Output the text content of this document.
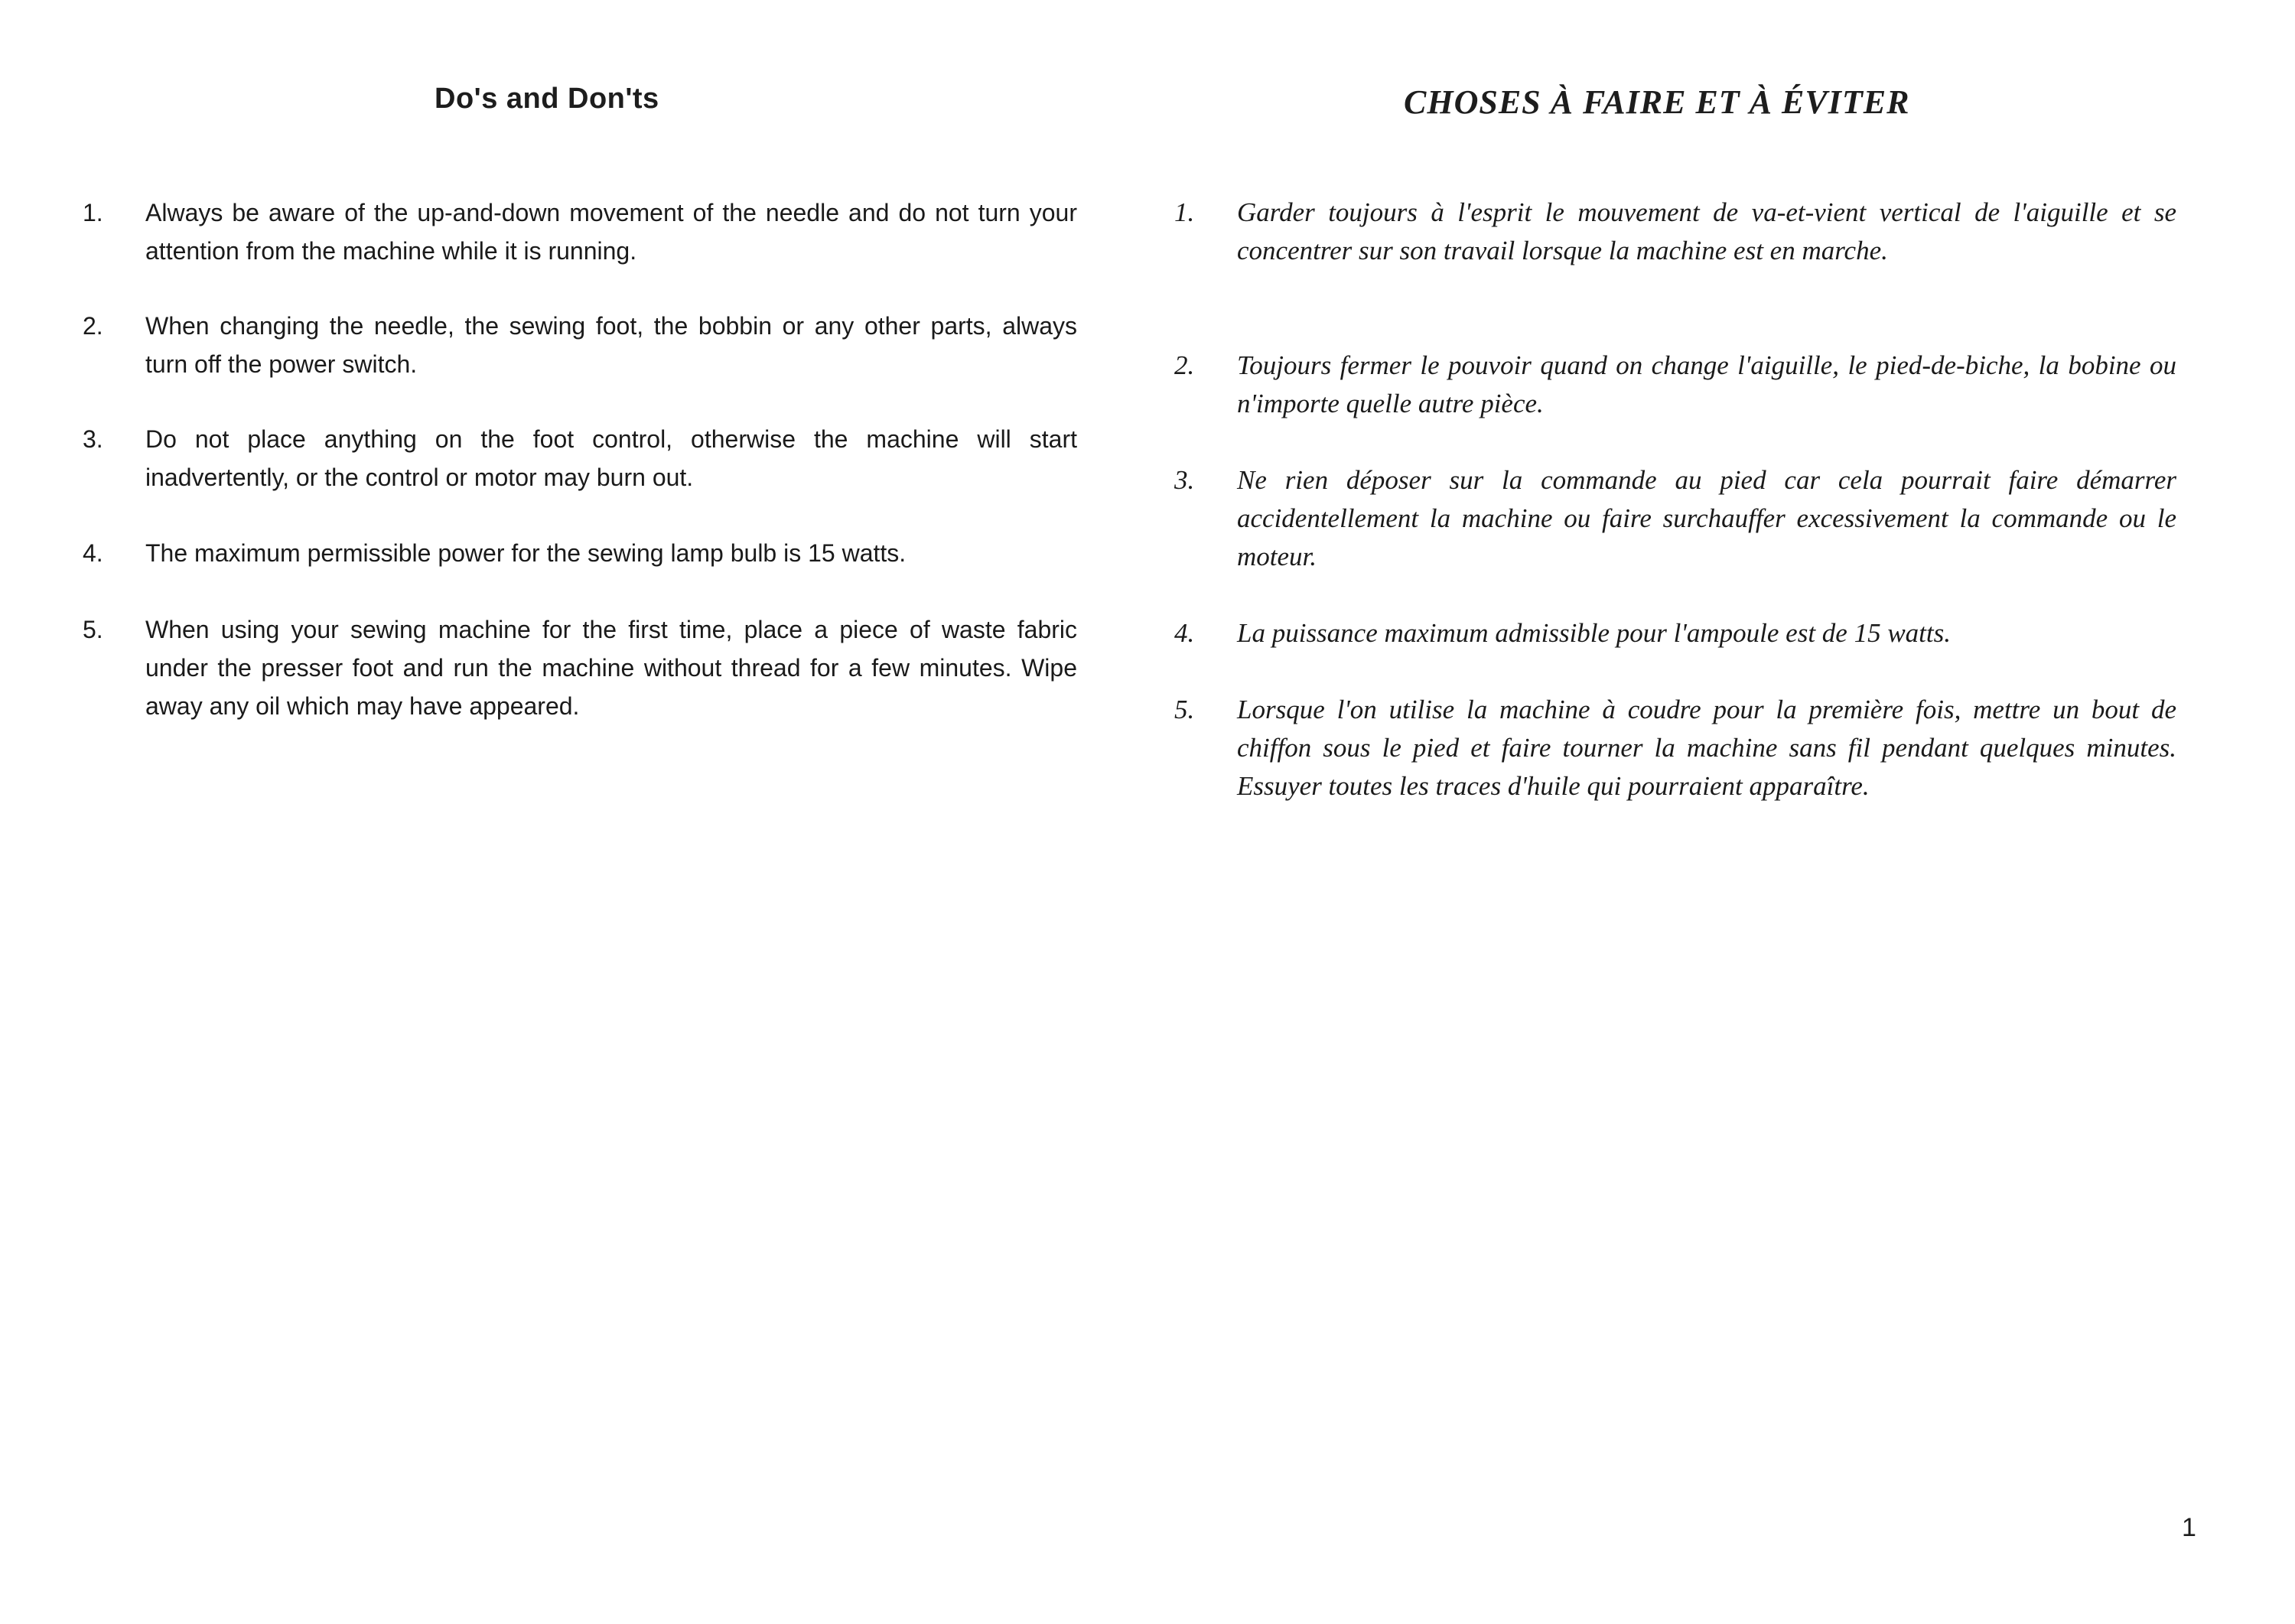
Do's and Don'ts
1.	Always be aware of the up-and-down movement of the needle and do not turn your attention from the machine while it is running.
2.	When changing the needle, the sewing foot, the bobbin or any other parts, always turn off the power switch.
3.	Do not place anything on the foot control, otherwise the machine will start inadvertently, or the control or motor may burn out.
4.	The maximum permissible power for the sewing lamp bulb is 15 watts.
5.	When using your sewing machine for the first time, place a piece of waste fabric under the presser foot and run the machine without thread for a few minutes. Wipe away any oil which may have appeared.
CHOSES À FAIRE ET À ÉVITER
1.	Garder toujours à l'esprit le mouvement de va-et-vient vertical de l'aiguille et se concentrer sur son travail lorsque la machine est en marche.
2.	Toujours fermer le pouvoir quand on change l'aiguille, le pied-de-biche, la bobine ou n'importe quelle autre pièce.
3.	Ne rien déposer sur la commande au pied car cela pourrait faire démarrer accidentellement la machine ou faire surchauffer excessivement la commande ou le moteur.
4.	La puissance maximum admissible pour l'ampoule est de 15 watts.
5.	Lorsque l'on utilise la machine à coudre pour la première fois, mettre un bout de chiffon sous le pied et faire tourner la machine sans fil pendant quelques minutes. Essuyer toutes les traces d'huile qui pourraient apparaître.
1
